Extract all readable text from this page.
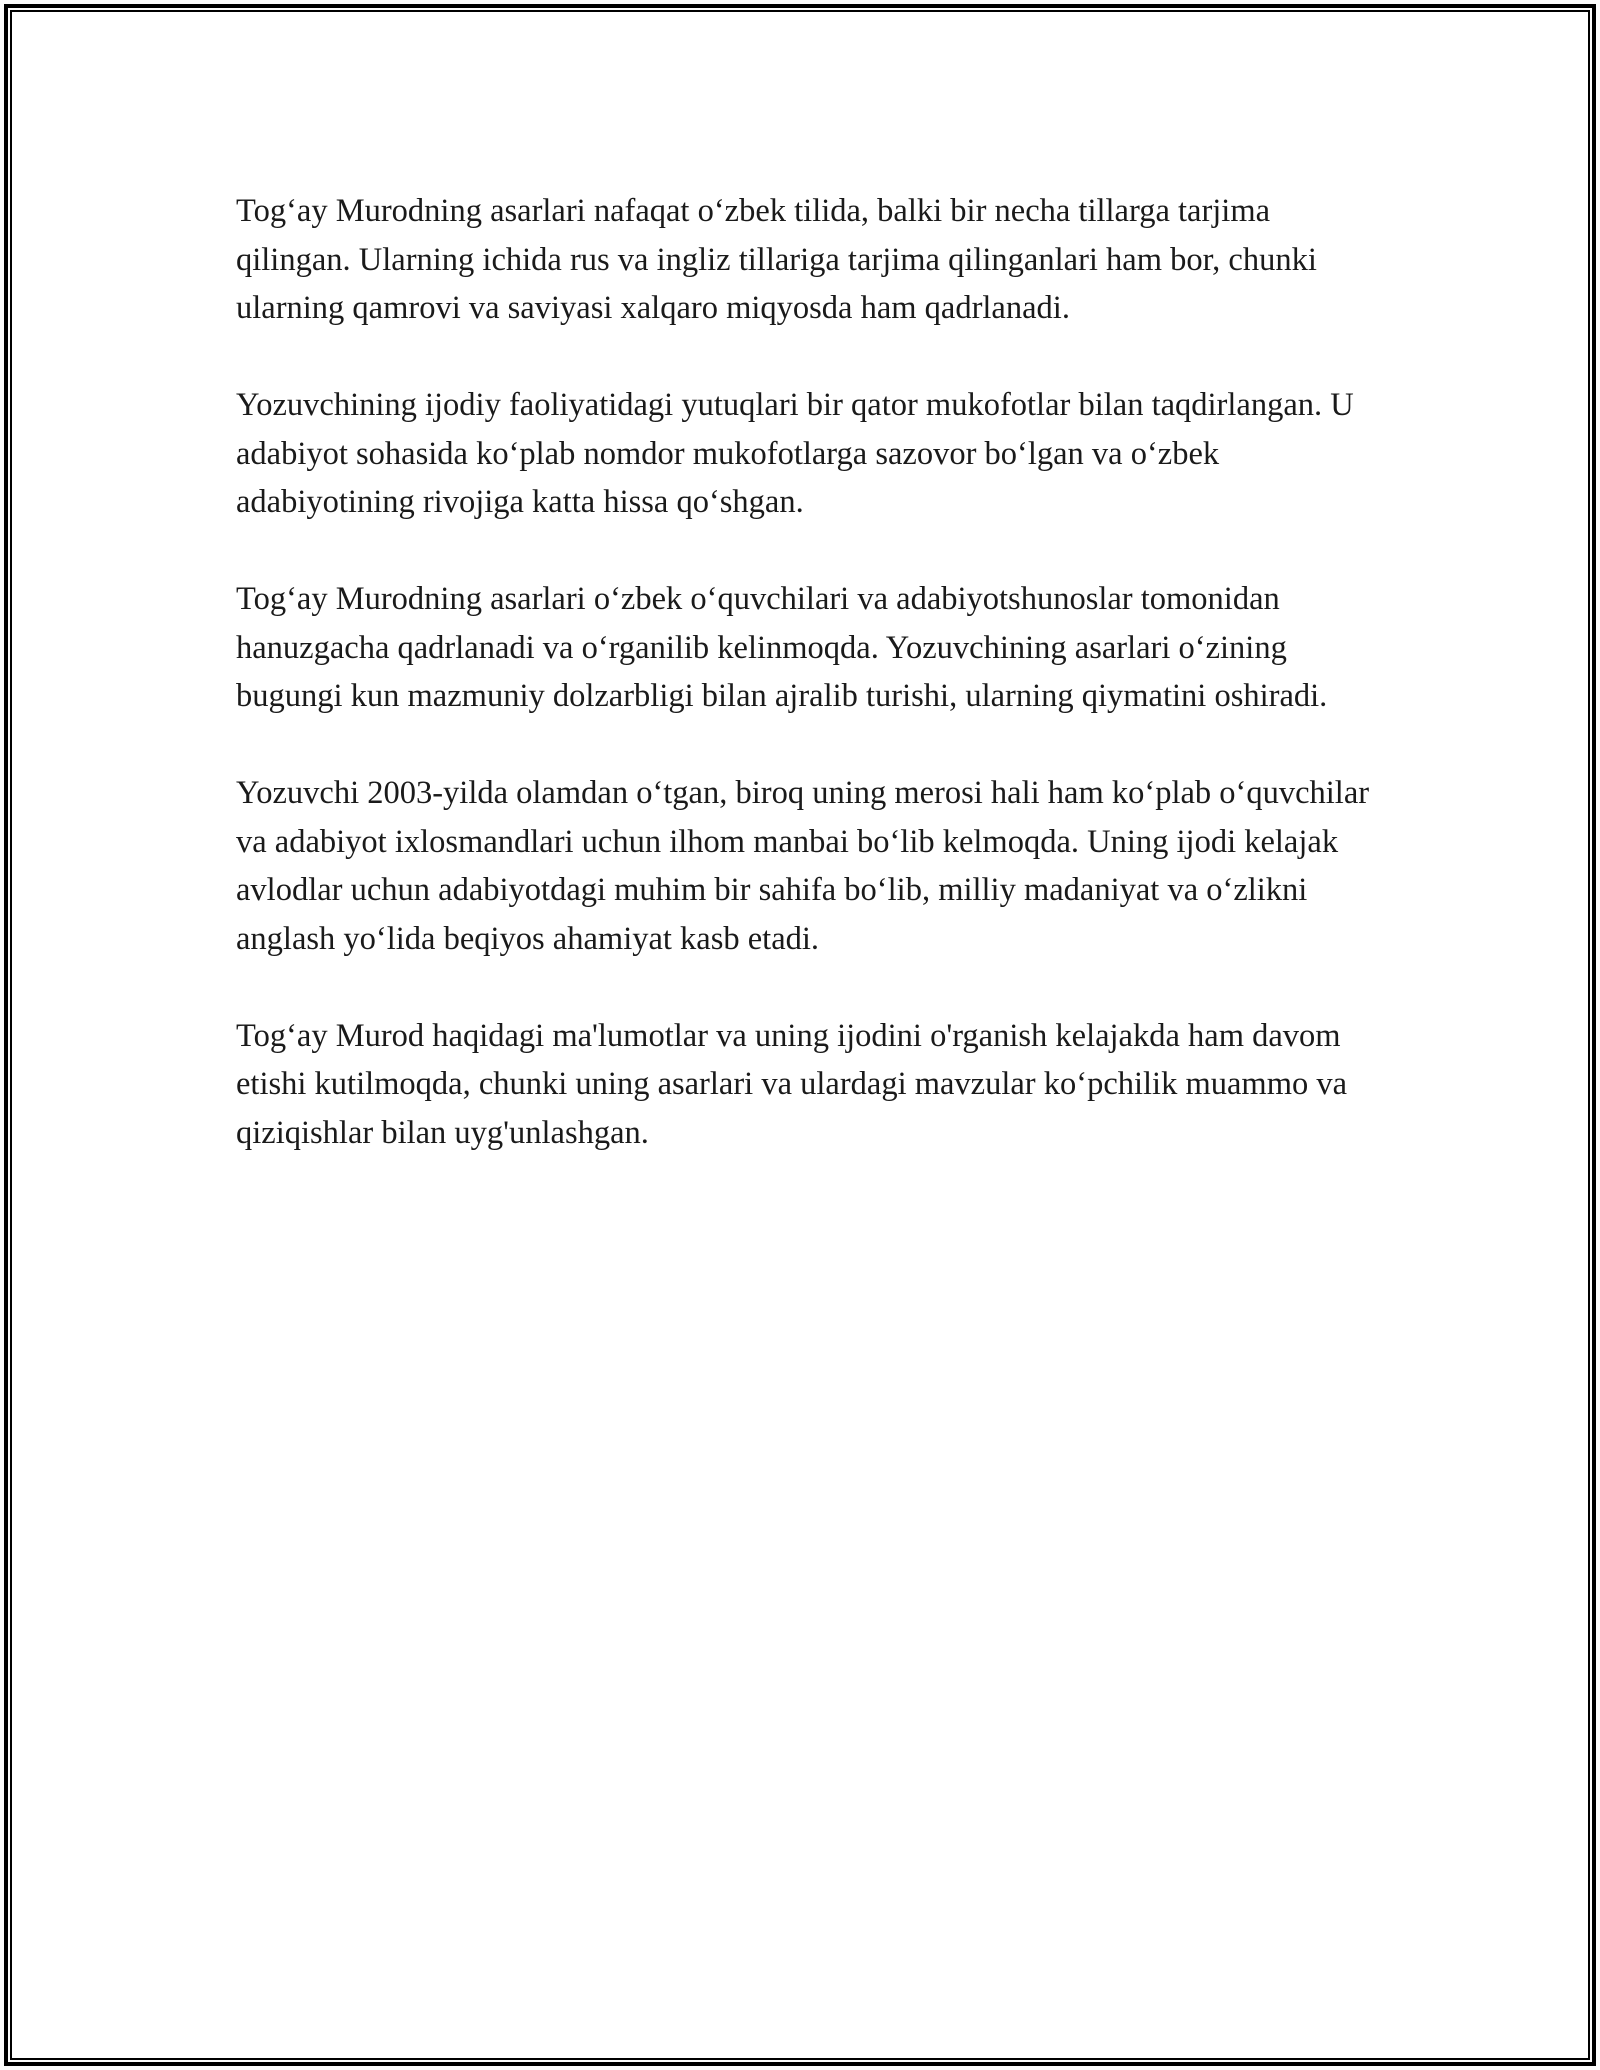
Tog‘ay Murodning asarlari nafaqat o‘zbek tilida, balki bir necha tillarga tarjima qilingan. Ularning ichida rus va ingliz tillariga tarjima qilinganlari ham bor, chunki ularning qamrovi va saviyasi xalqaro miqyosda ham qadrlanadi.

Yozuvchining ijodiy faoliyatidagi yutuqlari bir qator mukofotlar bilan taqdirlangan. U adabiyot sohasida ko‘plab nomdor mukofotlarga sazovor bo‘lgan va o‘zbek adabiyotining rivojiga katta hissa qo‘shgan.

Tog‘ay Murodning asarlari o‘zbek o‘quvchilari va adabiyotshunoslar tomonidan hanuzgacha qadrlanadi va o‘rganilib kelinmoqda. Yozuvchining asarlari o‘zining bugungi kun mazmuniy dolzarbligi bilan ajralib turishi, ularning qiymatini oshiradi.

Yozuvchi 2003-yilda olamdan o‘tgan, biroq uning merosi hali ham ko‘plab o‘quvchilar va adabiyot ixlosmandlari uchun ilhom manbai bo‘lib kelmoqda. Uning ijodi kelajak avlodlar uchun adabiyotdagi muhim bir sahifa bo‘lib, milliy madaniyat va o‘zlikni anglash yo‘lida beqiyos ahamiyat kasb etadi.

Tog‘ay Murod haqidagi ma'lumotlar va uning ijodini o'rganish kelajakda ham davom etishi kutilmoqda, chunki uning asarlari va ulardagi mavzular ko‘pchilik muammo va qiziqishlar bilan uyg'unlashgan.
